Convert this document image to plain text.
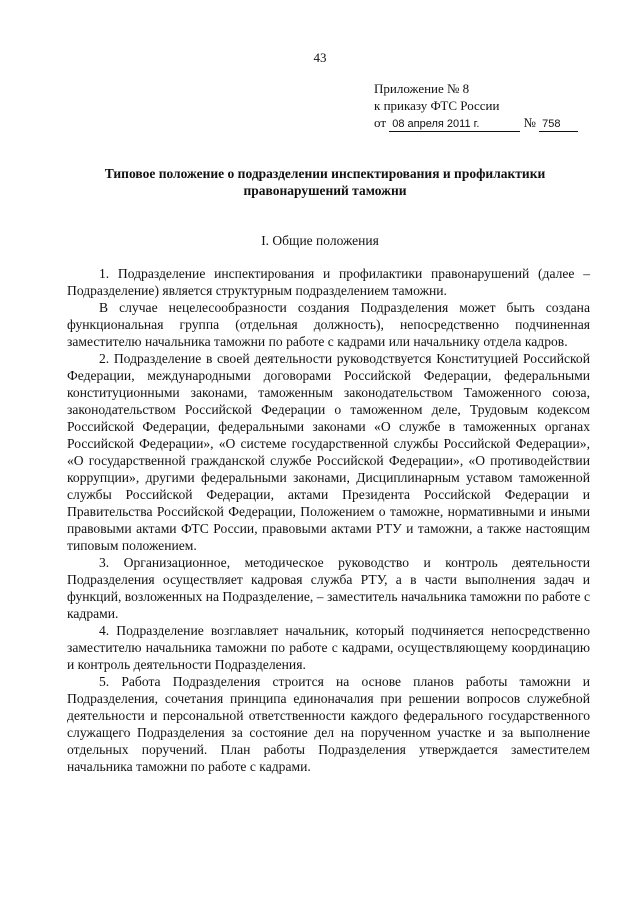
43
Приложение № 8
к приказу ФТС России
от 08 апреля 2011 г.	№ 758
Типовое положение о подразделении инспектирования и профилактики правонарушений таможни
I. Общие положения

1. Подразделение инспектирования и профилактики правонарушений (далее – Подразделение) является структурным подразделением таможни.

В случае нецелесообразности создания Подразделения может быть создана функциональная группа (отдельная должность), непосредственно подчиненная заместителю начальника таможни по работе с кадрами или начальнику отдела кадров.

2. Подразделение в своей деятельности руководствуется Конституцией Российской Федерации, международными договорами Российской Федерации, федеральными конституционными законами, таможенным законодательством Таможенного союза, законодательством Российской Федерации о таможенном деле, Трудовым кодексом Российской Федерации, федеральными законами «О службе в таможенных органах Российской Федерации», «О системе государственной службы Российской Федерации», «О государственной гражданской службе Российской Федерации», «О противодействии коррупции», другими федеральными законами, Дисциплинарным уставом таможенной службы Российской Федерации, актами Президента Российской Федерации и Правительства Российской Федерации, Положением о таможне, нормативными и иными правовыми актами ФТС России, правовыми актами РТУ и таможни, а также настоящим типовым положением.

3. Организационное, методическое руководство и контроль деятельности Подразделения осуществляет кадровая служба РТУ, а в части выполнения задач и функций, возложенных на Подразделение, – заместитель начальника таможни по работе с кадрами.

4. Подразделение возглавляет начальник, который подчиняется непосредственно заместителю начальника таможни по работе с кадрами, осуществляющему координацию и контроль деятельности Подразделения.

5. Работа Подразделения строится на основе планов работы таможни и Подразделения, сочетания принципа единоначалия при решении вопросов служебной деятельности и персональной ответственности каждого федерального государственного служащего Подразделения за состояние дел на порученном участке и за выполнение отдельных поручений. План работы Подразделения утверждается заместителем начальника таможни по работе с кадрами.
